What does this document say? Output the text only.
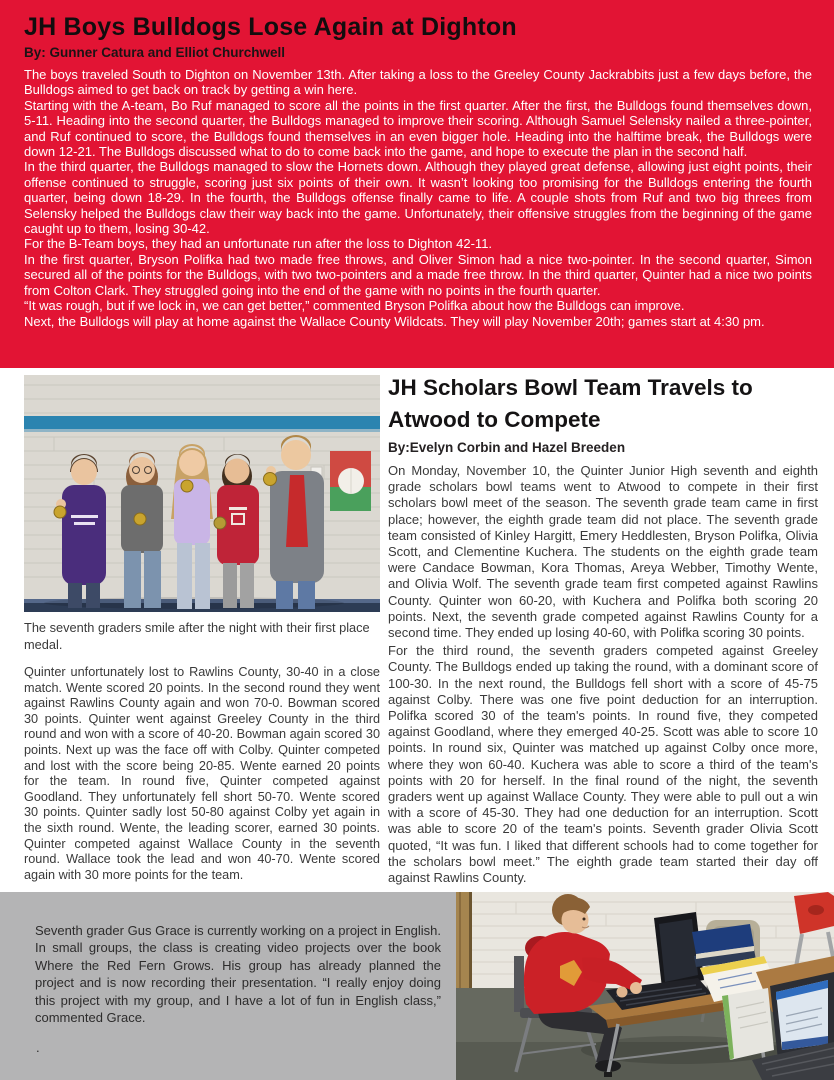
JH Boys Bulldogs Lose Again at Dighton
By: Gunner Catura and Elliot Churchwell

The boys traveled South to Dighton on November 13th. After taking a loss to the Greeley County Jackrabbits just a few days before, the Bulldogs aimed to get back on track by getting a win here.

Starting with the A-team, Bo Ruf managed to score all the points in the first quarter. After the first, the Bulldogs found themselves down, 5-11. Heading into the second quarter, the Bulldogs managed to improve their scoring. Although Samuel Selensky nailed a three-pointer, and Ruf continued to score, the Bulldogs found themselves in an even bigger hole. Heading into the halftime break, the Bulldogs were down 12-21. The Bulldogs discussed what to do to come back into the game, and hope to execute the plan in the second half.

In the third quarter, the Bulldogs managed to slow the Hornets down. Although they played great defense, allowing just eight points, their offense continued to struggle, scoring just six points of their own. It wasn’t looking too promising for the Bulldogs entering the fourth quarter, being down 18-29. In the fourth, the Bulldogs offense finally came to life. A couple shots from Ruf and two big threes from Selensky helped the Bulldogs claw their way back into the game. Unfortunately, their offensive struggles from the beginning of the game caught up to them, losing 30-42.

For the B-Team boys, they had an unfortunate run after the loss to Dighton 42-11.

In the first quarter, Bryson Polifka had two made free throws, and Oliver Simon had a nice two-pointer. In the second quarter, Simon secured all of the points for the Bulldogs, with two two-pointers and a made free throw. In the third quarter, Quinter had a nice two points from Colton Clark. They struggled going into the end of the game with no points in the fourth quarter.

“It was rough, but if we lock in, we can get better,” commented Bryson Polifka about how the Bulldogs can improve.

Next, the Bulldogs will play at home against the Wallace County Wildcats. They will play November 20th; games start at 4:30 pm.

The seventh graders smile after the night with their first place medal.

Quinter unfortunately lost to Rawlins County, 30-40 in a close match. Wente scored 20 points. In the second round they went against Rawlins County again and won 70-0. Bowman scored 30 points. Quinter went against Greeley County in the third round and won with a score of 40-20. Bowman again scored 30 points. Next up was the face off with Colby. Quinter competed and lost with the score being 20-85. Wente earned 20 points for the team. In round five, Quinter competed against Goodland. They unfortunately fell short 50-70. Wente scored 30 points. Quinter sadly lost 50-80 against Colby yet again in the sixth round. Wente, the leading scorer, earned 30 points. Quinter competed against Wallace County in the seventh round. Wallace took the lead and won 40-70. Wente scored again with 30 more points for the team.

JH Scholars Bowl Team Travels to Atwood to Compete
By:Evelyn Corbin and Hazel Breeden

On Monday, November 10, the Quinter Junior High seventh and eighth grade scholars bowl teams went to Atwood to compete in their first scholars bowl meet of the season. The seventh grade team came in first place; however, the eighth grade team did not place. The seventh grade team consisted of Kinley Hargitt, Emery Heddlesten, Bryson Polifka, Olivia Scott, and Clementine Kuchera. The students on the eighth grade team were Candace Bowman, Kora Thomas, Areya Webber, Timothy Wente, and Olivia Wolf. The seventh grade team first competed against Rawlins County. Quinter won 60-20, with Kuchera and Polifka both scoring 20 points. Next, the seventh grade competed against Rawlins County for a second time. They ended up losing 40-60, with Polifka scoring 30 points.

For the third round, the seventh graders competed against Greeley County. The Bulldogs ended up taking the round, with a dominant score of 100-30. In the next round, the Bulldogs fell short with a score of 45-75 against Colby. There was one five point deduction for an interruption. Polifka scored 30 of the team's points. In round five, they competed against Goodland, where they emerged 40-25. Scott was able to score 10 points. In round six, Quinter was matched up against Colby once more, where they won 60-40. Kuchera was able to score a third of the team's points with 20 for herself. In the final round of the night, the seventh graders went up against Wallace County. They were able to pull out a win with a score of 45-30. They had one deduction for an interruption. Scott was able to score 20 of the team's points. Seventh grader Olivia Scott quoted, “It was fun. I liked that different schools had to come together for the scholars bowl meet.” The eighth grade team started their day off against Rawlins County.

Seventh grader Gus Grace is currently working on a project in English. In small groups, the class is creating video projects over the book Where the Red Fern Grows. His group has already planned the project and is now recording their presentation. “I really enjoy doing this project with my group, and I have a lot of fun in English class,” commented Grace.

.
